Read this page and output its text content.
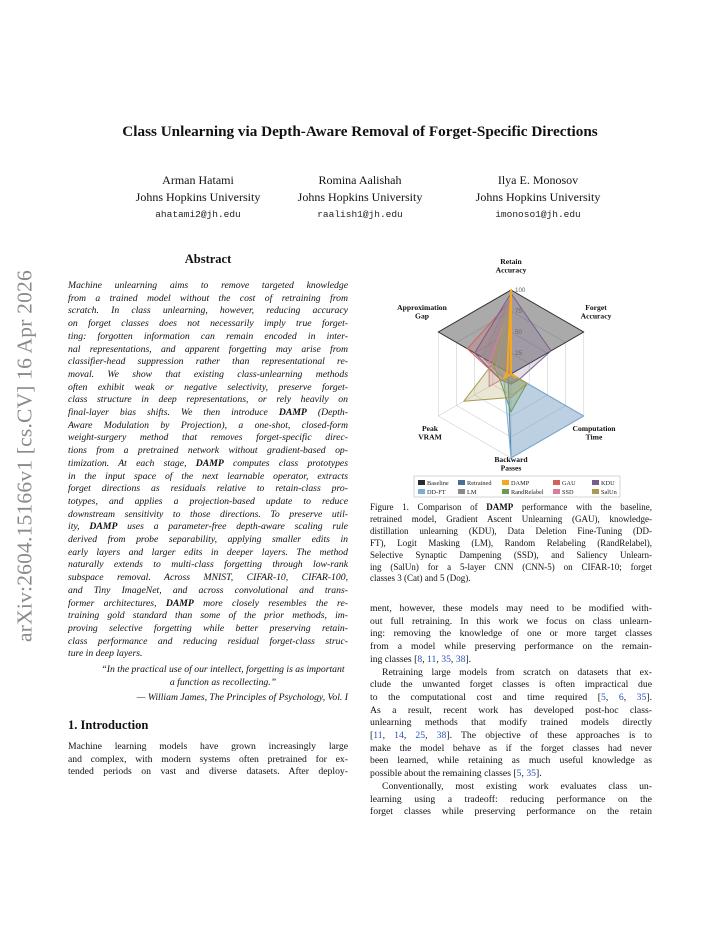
Class Unlearning via Depth-Aware Removal of Forget-Specific Directions
Arman Hatami
Johns Hopkins University
ahatami2@jh.edu
Romina Aalishah
Johns Hopkins University
raalish1@jh.edu
Ilya E. Monosov
Johns Hopkins University
imonoso1@jh.edu
arXiv:2604.15166v1 [cs.CV] 16 Apr 2026
Abstract
Machine unlearning aims to remove targeted knowledge
from a trained model without the cost of retraining from
scratch. In class unlearning, however, reducing accuracy
on forget classes does not necessarily imply true forget-
ting: forgotten information can remain encoded in inter-
nal representations, and apparent forgetting may arise from
classifier-head suppression rather than representational re-
moval. We show that existing class-unlearning methods
often exhibit weak or negative selectivity, preserve forget-
class structure in deep representations, or rely heavily on
final-layer bias shifts. We then introduce DAMP (Depth-
Aware Modulation by Projection), a one-shot, closed-form
weight-surgery method that removes forget-specific direc-
tions from a pretrained network without gradient-based op-
timization. At each stage, DAMP computes class prototypes
in the input space of the next learnable operator, extracts
forget directions as residuals relative to retain-class pro-
totypes, and applies a projection-based update to reduce
downstream sensitivity to those directions. To preserve util-
ity, DAMP uses a parameter-free depth-aware scaling rule
derived from probe separability, applying smaller edits in
early layers and larger edits in deeper layers. The method
naturally extends to multi-class forgetting through low-rank
subspace removal. Across MNIST, CIFAR-10, CIFAR-100,
and Tiny ImageNet, and across convolutional and trans-
former architectures, DAMP more closely resembles the re-
training gold standard than some of the prior methods, im-
proving selective forgetting while better preserving retain-
class performance and reducing residual forget-class struc-
ture in deep layers.
“In the practical use of our intellect, forgetting is as important a function as recollecting.”
— William James, The Principles of Psychology, Vol. I
1. Introduction
Machine learning models have grown increasingly large
and complex, with modern systems often pretrained for ex-
tended periods on vast and diverse datasets. After deploy-
25
50
75
100
Retain
Accuracy
Forget
Accuracy
Computation
Time
Backward
Passes
Peak
VRAM
Approximation
Gap
Baseline	Retrained	DAMP	GAU	KDU
DD-FT	LM	RandRelabel	SSD	SalUn
Figure 1. Comparison of DAMP performance with the baseline,
retrained model, Gradient Ascent Unlearning (GAU), knowledge-
distillation unlearning (KDU), Data Deletion Fine-Tuning (DD-
FT), Logit Masking (LM), Random Relabeling (RandRelabel),
Selective Synaptic Dampening (SSD), and Saliency Unlearn-
ing (SalUn) for a 5-layer CNN (CNN-5) on CIFAR-10; forget
classes 3 (Cat) and 5 (Dog).
ment, however, these models may need to be modified with-
out full retraining. In this work we focus on class unlearn-
ing: removing the knowledge of one or more target classes
from a model while preserving performance on the remain-
ing classes [8, 11, 35, 38].
Retraining large models from scratch on datasets that ex-
clude the unwanted forget classes is often impractical due
to the computational cost and time required [5, 6, 35].
As a result, recent work has developed post-hoc class-
unlearning methods that modify trained models directly
[11, 14, 25, 38]. The objective of these approaches is to
make the model behave as if the forget classes had never
been learned, while retaining as much useful knowledge as
possible about the remaining classes [5, 35].
Conventionally, most existing work evaluates class un-
learning using a tradeoff: reducing performance on the
forget classes while preserving performance on the retain
